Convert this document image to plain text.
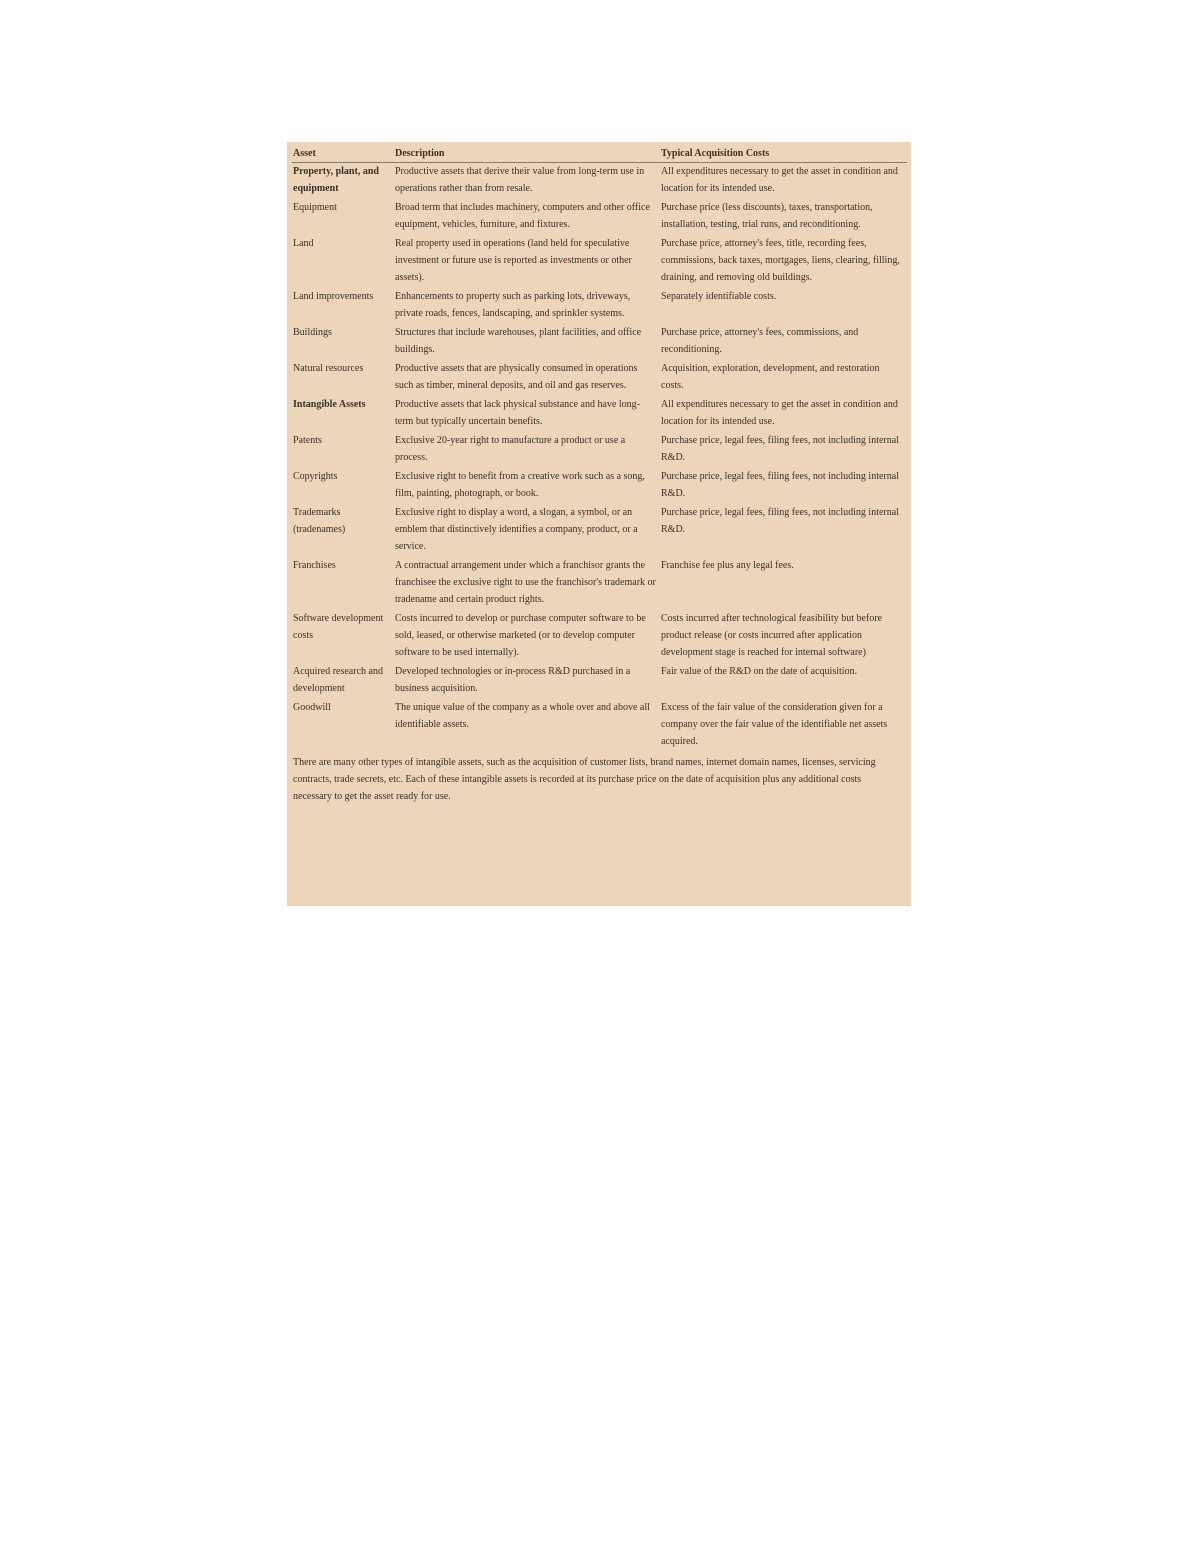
Asset	Description	Typical Acquisition Costs
Property, plant, and equipment	Productive assets that derive their value from long-term use in operations rather than from resale.	All expenditures necessary to get the asset in condition and location for its intended use.
Equipment	Broad term that includes machinery, computers and other office equipment, vehicles, furniture, and fixtures.	Purchase price (less discounts), taxes, transportation, installation, testing, trial runs, and reconditioning.
Land	Real property used in operations (land held for speculative investment or future use is reported as investments or other assets).	Purchase price, attorney's fees, title, recording fees, commissions, back taxes, mortgages, liens, clearing, filling, draining, and removing old buildings.
Land improvements	Enhancements to property such as parking lots, driveways, private roads, fences, landscaping, and sprinkler systems.	Separately identifiable costs.
Buildings	Structures that include warehouses, plant facilities, and office buildings.	Purchase price, attorney's fees, commissions, and reconditioning.
Natural resources	Productive assets that are physically consumed in operations such as timber, mineral deposits, and oil and gas reserves.	Acquisition, exploration, development, and restoration costs.
Intangible Assets	Productive assets that lack physical substance and have long-term but typically uncertain benefits.	All expenditures necessary to get the asset in condition and location for its intended use.
Patents	Exclusive 20-year right to manufacture a product or use a process.	Purchase price, legal fees, filing fees, not including internal R&D.
Copyrights	Exclusive right to benefit from a creative work such as a song, film, painting, photograph, or book.	Purchase price, legal fees, filing fees, not including internal R&D.
Trademarks (tradenames)	Exclusive right to display a word, a slogan, a symbol, or an emblem that distinctively identifies a company, product, or a service.	Purchase price, legal fees, filing fees, not including internal R&D.
Franchises	A contractual arrangement under which a franchisor grants the franchisee the exclusive right to use the franchisor's trademark or tradename and certain product rights.	Franchise fee plus any legal fees.
Software development costs	Costs incurred to develop or purchase computer software to be sold, leased, or otherwise marketed (or to develop computer software to be used internally).	Costs incurred after technological feasibility but before product release (or costs incurred after application development stage is reached for internal software)
Acquired research and development	Developed technologies or in-process R&D purchased in a business acquisition.	Fair value of the R&D on the date of acquisition.
Goodwill	The unique value of the company as a whole over and above all identifiable assets.	Excess of the fair value of the consideration given for a company over the fair value of the identifiable net assets acquired.
There are many other types of intangible assets, such as the acquisition of customer lists, brand names, internet domain names, licenses, servicing contracts, trade secrets, etc. Each of these intangible assets is recorded at its purchase price on the date of acquisition plus any additional costs necessary to get the asset ready for use.
